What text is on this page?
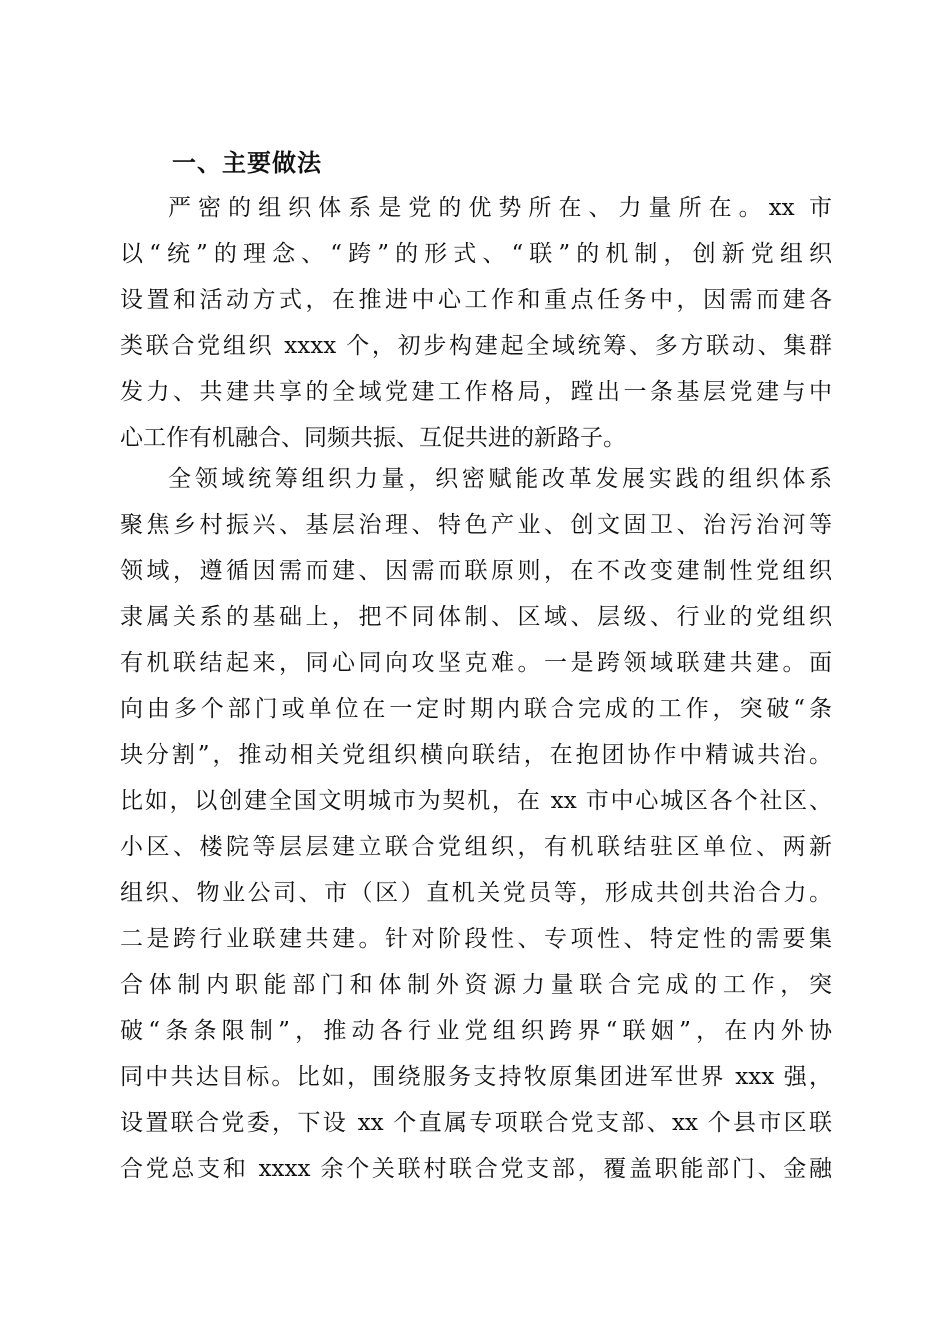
一、主要做法
严密的组织体系是党的优势所在、力量所在。xx 市
以“统”的理念、“跨”的形式、“联”的机制，创新党组织
设置和活动方式，在推进中心工作和重点任务中，因需而建各
类联合党组织 xxxx 个，初步构建起全域统筹、多方联动、集群
发力、共建共享的全域党建工作格局，蹚出一条基层党建与中
心工作有机融合、同频共振、互促共进的新路子。
全领域统筹组织力量，织密赋能改革发展实践的组织体系
聚焦乡村振兴、基层治理、特色产业、创文固卫、治污治河等
领域，遵循因需而建、因需而联原则，在不改变建制性党组织
隶属关系的基础上，把不同体制、区域、层级、行业的党组织
有机联结起来，同心同向攻坚克难。一是跨领域联建共建。面
向由多个部门或单位在一定时期内联合完成的工作，突破“条
块分割”，推动相关党组织横向联结，在抱团协作中精诚共治。
比如，以创建全国文明城市为契机，在 xx 市中心城区各个社区、
小区、楼院等层层建立联合党组织，有机联结驻区单位、两新
组织、物业公司、市（区）直机关党员等，形成共创共治合力。
二是跨行业联建共建。针对阶段性、专项性、特定性的需要集
合体制内职能部门和体制外资源力量联合完成的工作，突
破“条条限制”，推动各行业党组织跨界“联姻”，在内外协
同中共达目标。比如，围绕服务支持牧原集团进军世界 xxx 强，
设置联合党委，下设 xx 个直属专项联合党支部、xx 个县市区联
合党总支和 xxxx 余个关联村联合党支部，覆盖职能部门、金融
